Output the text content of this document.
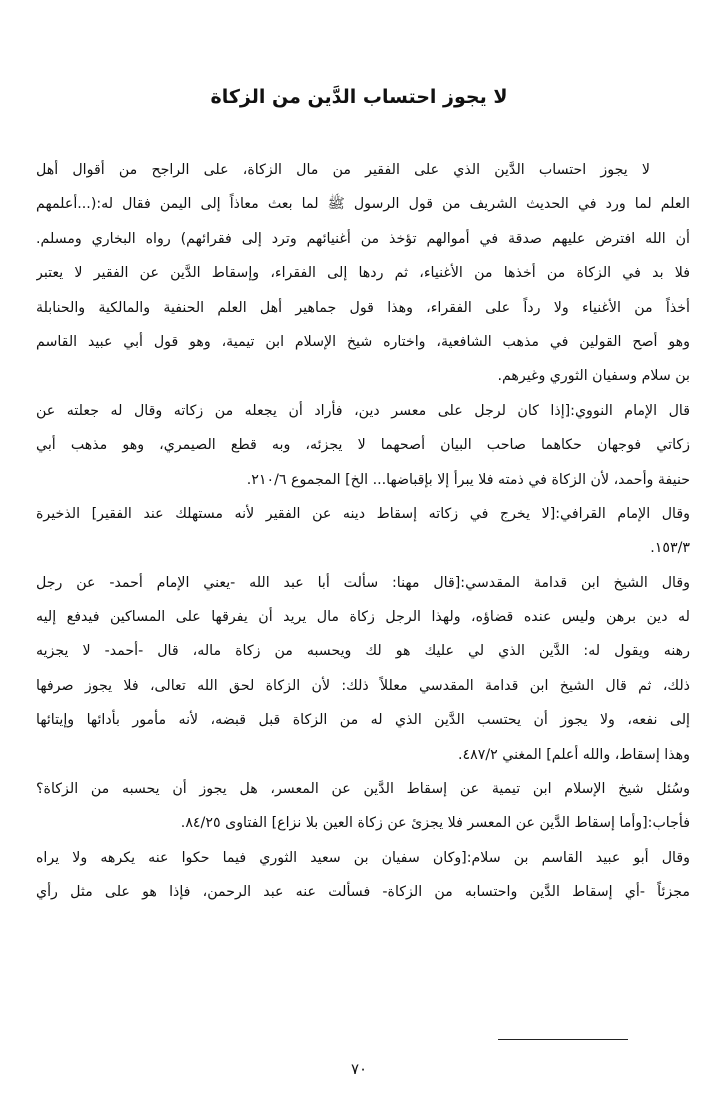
لا يجوز احتساب الدَّين من الزكاة
لا يجوز احتساب الدَّين الذي على الفقير من مال الزكاة، على الراجح من أقوال أهل
العلم لما ورد في الحديث الشريف من قول الرسول ﷺ لما بعث معاذاً إلى اليمن فقال له:(...أعلمهم
أن الله افترض عليهم صدقة في أموالهم تؤخذ من أغنيائهم وترد إلى فقرائهم) رواه البخاري ومسلم.
فلا بد في الزكاة من أخذها من الأغنياء، ثم ردها إلى الفقراء، وإسقاط الدَّين عن الفقير لا يعتبر
أخذاً من الأغنياء ولا رداً على الفقراء، وهذا قول جماهير أهل العلم الحنفية والمالكية والحنابلة
وهو أصح القولين في مذهب الشافعية، واختاره شيخ الإسلام ابن تيمية، وهو قول أبي عبيد القاسم
بن سلام وسفيان الثوري وغيرهم.
قال الإمام النووي:[إذا كان لرجل على معسر دين، فأراد أن يجعله من زكاته وقال له جعلته عن
زكاتي فوجهان حكاهما صاحب البيان أصحهما لا يجزئه، وبه قطع الصيمري، وهو مذهب أبي
حنيفة وأحمد، لأن الزكاة في ذمته فلا يبرأ إلا بإقباضها... الخ] المجموع ٢١٠/٦.
وقال الإمام القرافي:[لا يخرج في زكاته إسقاط دينه عن الفقير لأنه مستهلك عند الفقير] الذخيرة
١٥٣/٣.
وقال الشيخ ابن قدامة المقدسي:[قال مهنا: سألت أبا عبد الله -يعني الإمام أحمد- عن رجل
له دين برهن وليس عنده قضاؤه، ولهذا الرجل زكاة مال يريد أن يفرقها على المساكين فيدفع إليه
رهنه ويقول له: الدَّين الذي لي عليك هو لك ويحسبه من زكاة ماله، قال -أحمد- لا يجزيه
ذلك، ثم قال الشيخ ابن قدامة المقدسي معللاً ذلك: لأن الزكاة لحق الله تعالى، فلا يجوز صرفها
إلى نفعه، ولا يجوز أن يحتسب الدَّين الذي له من الزكاة قبل قبضه، لأنه مأمور بأدائها وإيتائها
وهذا إسقاط، والله أعلم] المغني ٤٨٧/٢.
وسُئل شيخ الإسلام ابن تيمية عن إسقاط الدَّين عن المعسر، هل يجوز أن يحسبه من الزكاة؟
فأجاب:[وأما إسقاط الدَّين عن المعسر فلا يجزئ عن زكاة العين بلا نزاع] الفتاوى ٨٤/٢٥.
وقال أبو عبيد القاسم بن سلام:[وكان سفيان بن سعيد الثوري فيما حكوا عنه يكرهه ولا يراه
مجزئاً -أي إسقاط الدَّين واحتسابه من الزكاة- فسألت عنه عبد الرحمن، فإذا هو على مثل رأي
٧٠
